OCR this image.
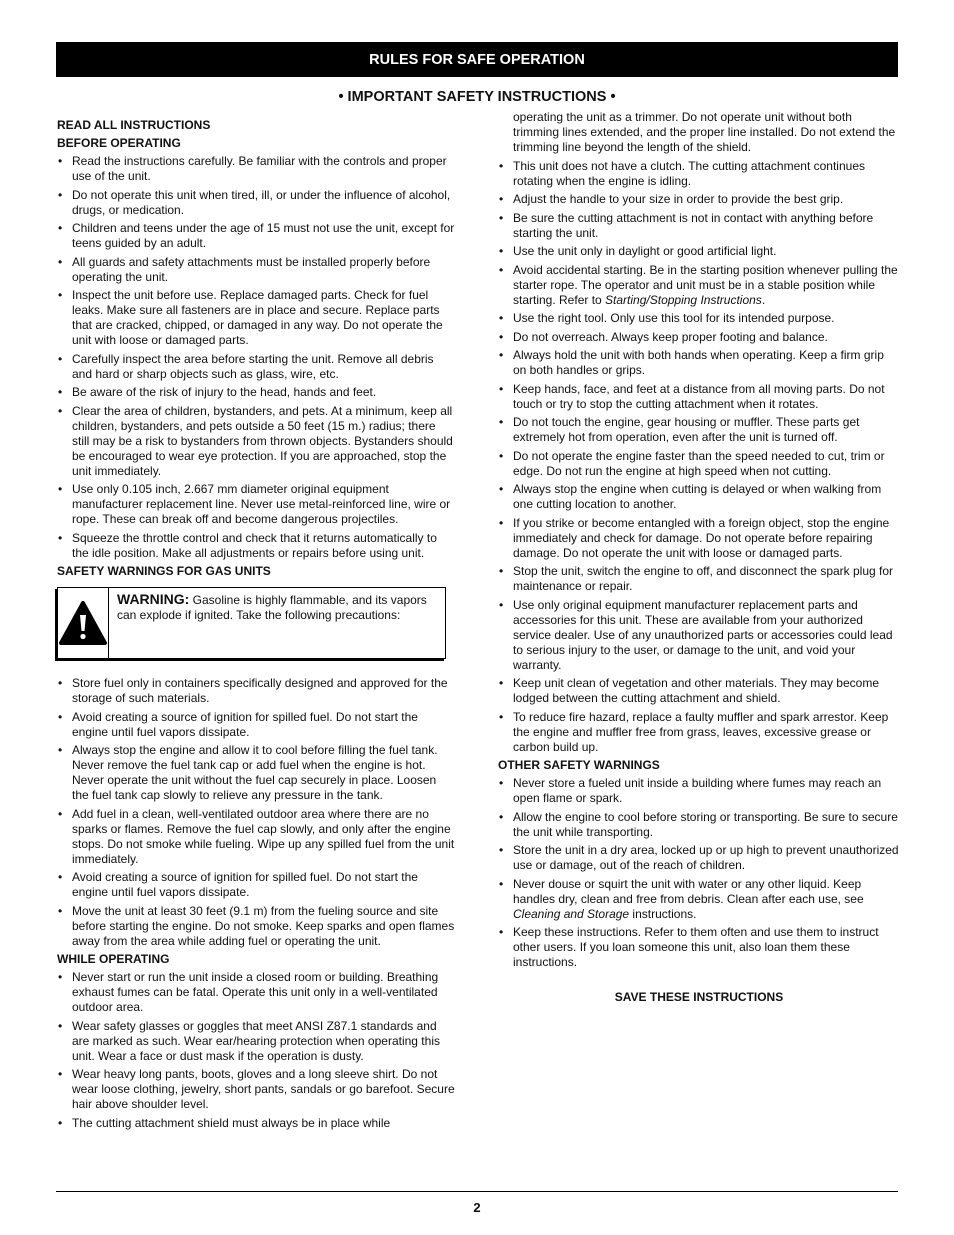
RULES FOR SAFE OPERATION
• IMPORTANT SAFETY INSTRUCTIONS •
READ ALL INSTRUCTIONS
BEFORE OPERATING
• Read the instructions carefully. Be familiar with the controls and proper use of the unit.
• Do not operate this unit when tired, ill, or under the influence of alcohol, drugs, or medication.
• Children and teens under the age of 15 must not use the unit, except for teens guided by an adult.
• All guards and safety attachments must be installed properly before operating the unit.
• Inspect the unit before use. Replace damaged parts. Check for fuel leaks. Make sure all fasteners are in place and secure. Replace parts that are cracked, chipped, or damaged in any way. Do not operate the unit with loose or damaged parts.
• Carefully inspect the area before starting the unit. Remove all debris and hard or sharp objects such as glass, wire, etc.
• Be aware of the risk of injury to the head, hands and feet.
• Clear the area of children, bystanders, and pets. At a minimum, keep all children, bystanders, and pets outside a 50 feet (15 m.) radius; there still may be a risk to bystanders from thrown objects. Bystanders should be encouraged to wear eye protection. If you are approached, stop the unit immediately.
• Use only 0.105 inch, 2.667 mm diameter original equipment manufacturer replacement line. Never use metal-reinforced line, wire or rope. These can break off and become dangerous projectiles.
• Squeeze the throttle control and check that it returns automatically to the idle position. Make all adjustments or repairs before using unit.
SAFETY WARNINGS FOR GAS UNITS
WARNING: Gasoline is highly flammable, and its vapors can explode if ignited. Take the following precautions:
• Store fuel only in containers specifically designed and approved for the storage of such materials.
• Avoid creating a source of ignition for spilled fuel. Do not start the engine until fuel vapors dissipate.
• Always stop the engine and allow it to cool before filling the fuel tank. Never remove the fuel tank cap or add fuel when the engine is hot. Never operate the unit without the fuel cap securely in place. Loosen the fuel tank cap slowly to relieve any pressure in the tank.
• Add fuel in a clean, well-ventilated outdoor area where there are no sparks or flames. Remove the fuel cap slowly, and only after the engine stops. Do not smoke while fueling. Wipe up any spilled fuel from the unit immediately.
• Avoid creating a source of ignition for spilled fuel. Do not start the engine until fuel vapors dissipate.
• Move the unit at least 30 feet (9.1 m) from the fueling source and site before starting the engine. Do not smoke. Keep sparks and open flames away from the area while adding fuel or operating the unit.
WHILE OPERATING
• Never start or run the unit inside a closed room or building. Breathing exhaust fumes can be fatal. Operate this unit only in a well-ventilated outdoor area.
• Wear safety glasses or goggles that meet ANSI Z87.1 standards and are marked as such. Wear ear/hearing protection when operating this unit. Wear a face or dust mask if the operation is dusty.
• Wear heavy long pants, boots, gloves and a long sleeve shirt. Do not wear loose clothing, jewelry, short pants, sandals or go barefoot. Secure hair above shoulder level.
• The cutting attachment shield must always be in place while
operating the unit as a trimmer. Do not operate unit without both trimming lines extended, and the proper line installed. Do not extend the trimming line beyond the length of the shield.
• This unit does not have a clutch. The cutting attachment continues rotating when the engine is idling.
• Adjust the handle to your size in order to provide the best grip.
• Be sure the cutting attachment is not in contact with anything before starting the unit.
• Use the unit only in daylight or good artificial light.
• Avoid accidental starting. Be in the starting position whenever pulling the starter rope. The operator and unit must be in a stable position while starting. Refer to Starting/Stopping Instructions.
• Use the right tool. Only use this tool for its intended purpose.
• Do not overreach. Always keep proper footing and balance.
• Always hold the unit with both hands when operating. Keep a firm grip on both handles or grips.
• Keep hands, face, and feet at a distance from all moving parts. Do not touch or try to stop the cutting attachment when it rotates.
• Do not touch the engine, gear housing or muffler. These parts get extremely hot from operation, even after the unit is turned off.
• Do not operate the engine faster than the speed needed to cut, trim or edge. Do not run the engine at high speed when not cutting.
• Always stop the engine when cutting is delayed or when walking from one cutting location to another.
• If you strike or become entangled with a foreign object, stop the engine immediately and check for damage. Do not operate before repairing damage. Do not operate the unit with loose or damaged parts.
• Stop the unit, switch the engine to off, and disconnect the spark plug for maintenance or repair.
• Use only original equipment manufacturer replacement parts and accessories for this unit. These are available from your authorized service dealer. Use of any unauthorized parts or accessories could lead to serious injury to the user, or damage to the unit, and void your warranty.
• Keep unit clean of vegetation and other materials. They may become lodged between the cutting attachment and shield.
• To reduce fire hazard, replace a faulty muffler and spark arrestor. Keep the engine and muffler free from grass, leaves, excessive grease or carbon build up.
OTHER SAFETY WARNINGS
• Never store a fueled unit inside a building where fumes may reach an open flame or spark.
• Allow the engine to cool before storing or transporting. Be sure to secure the unit while transporting.
• Store the unit in a dry area, locked up or up high to prevent unauthorized use or damage, out of the reach of children.
• Never douse or squirt the unit with water or any other liquid. Keep handles dry, clean and free from debris. Clean after each use, see Cleaning and Storage instructions.
• Keep these instructions. Refer to them often and use them to instruct other users. If you loan someone this unit, also loan them these instructions.
SAVE THESE INSTRUCTIONS
2
